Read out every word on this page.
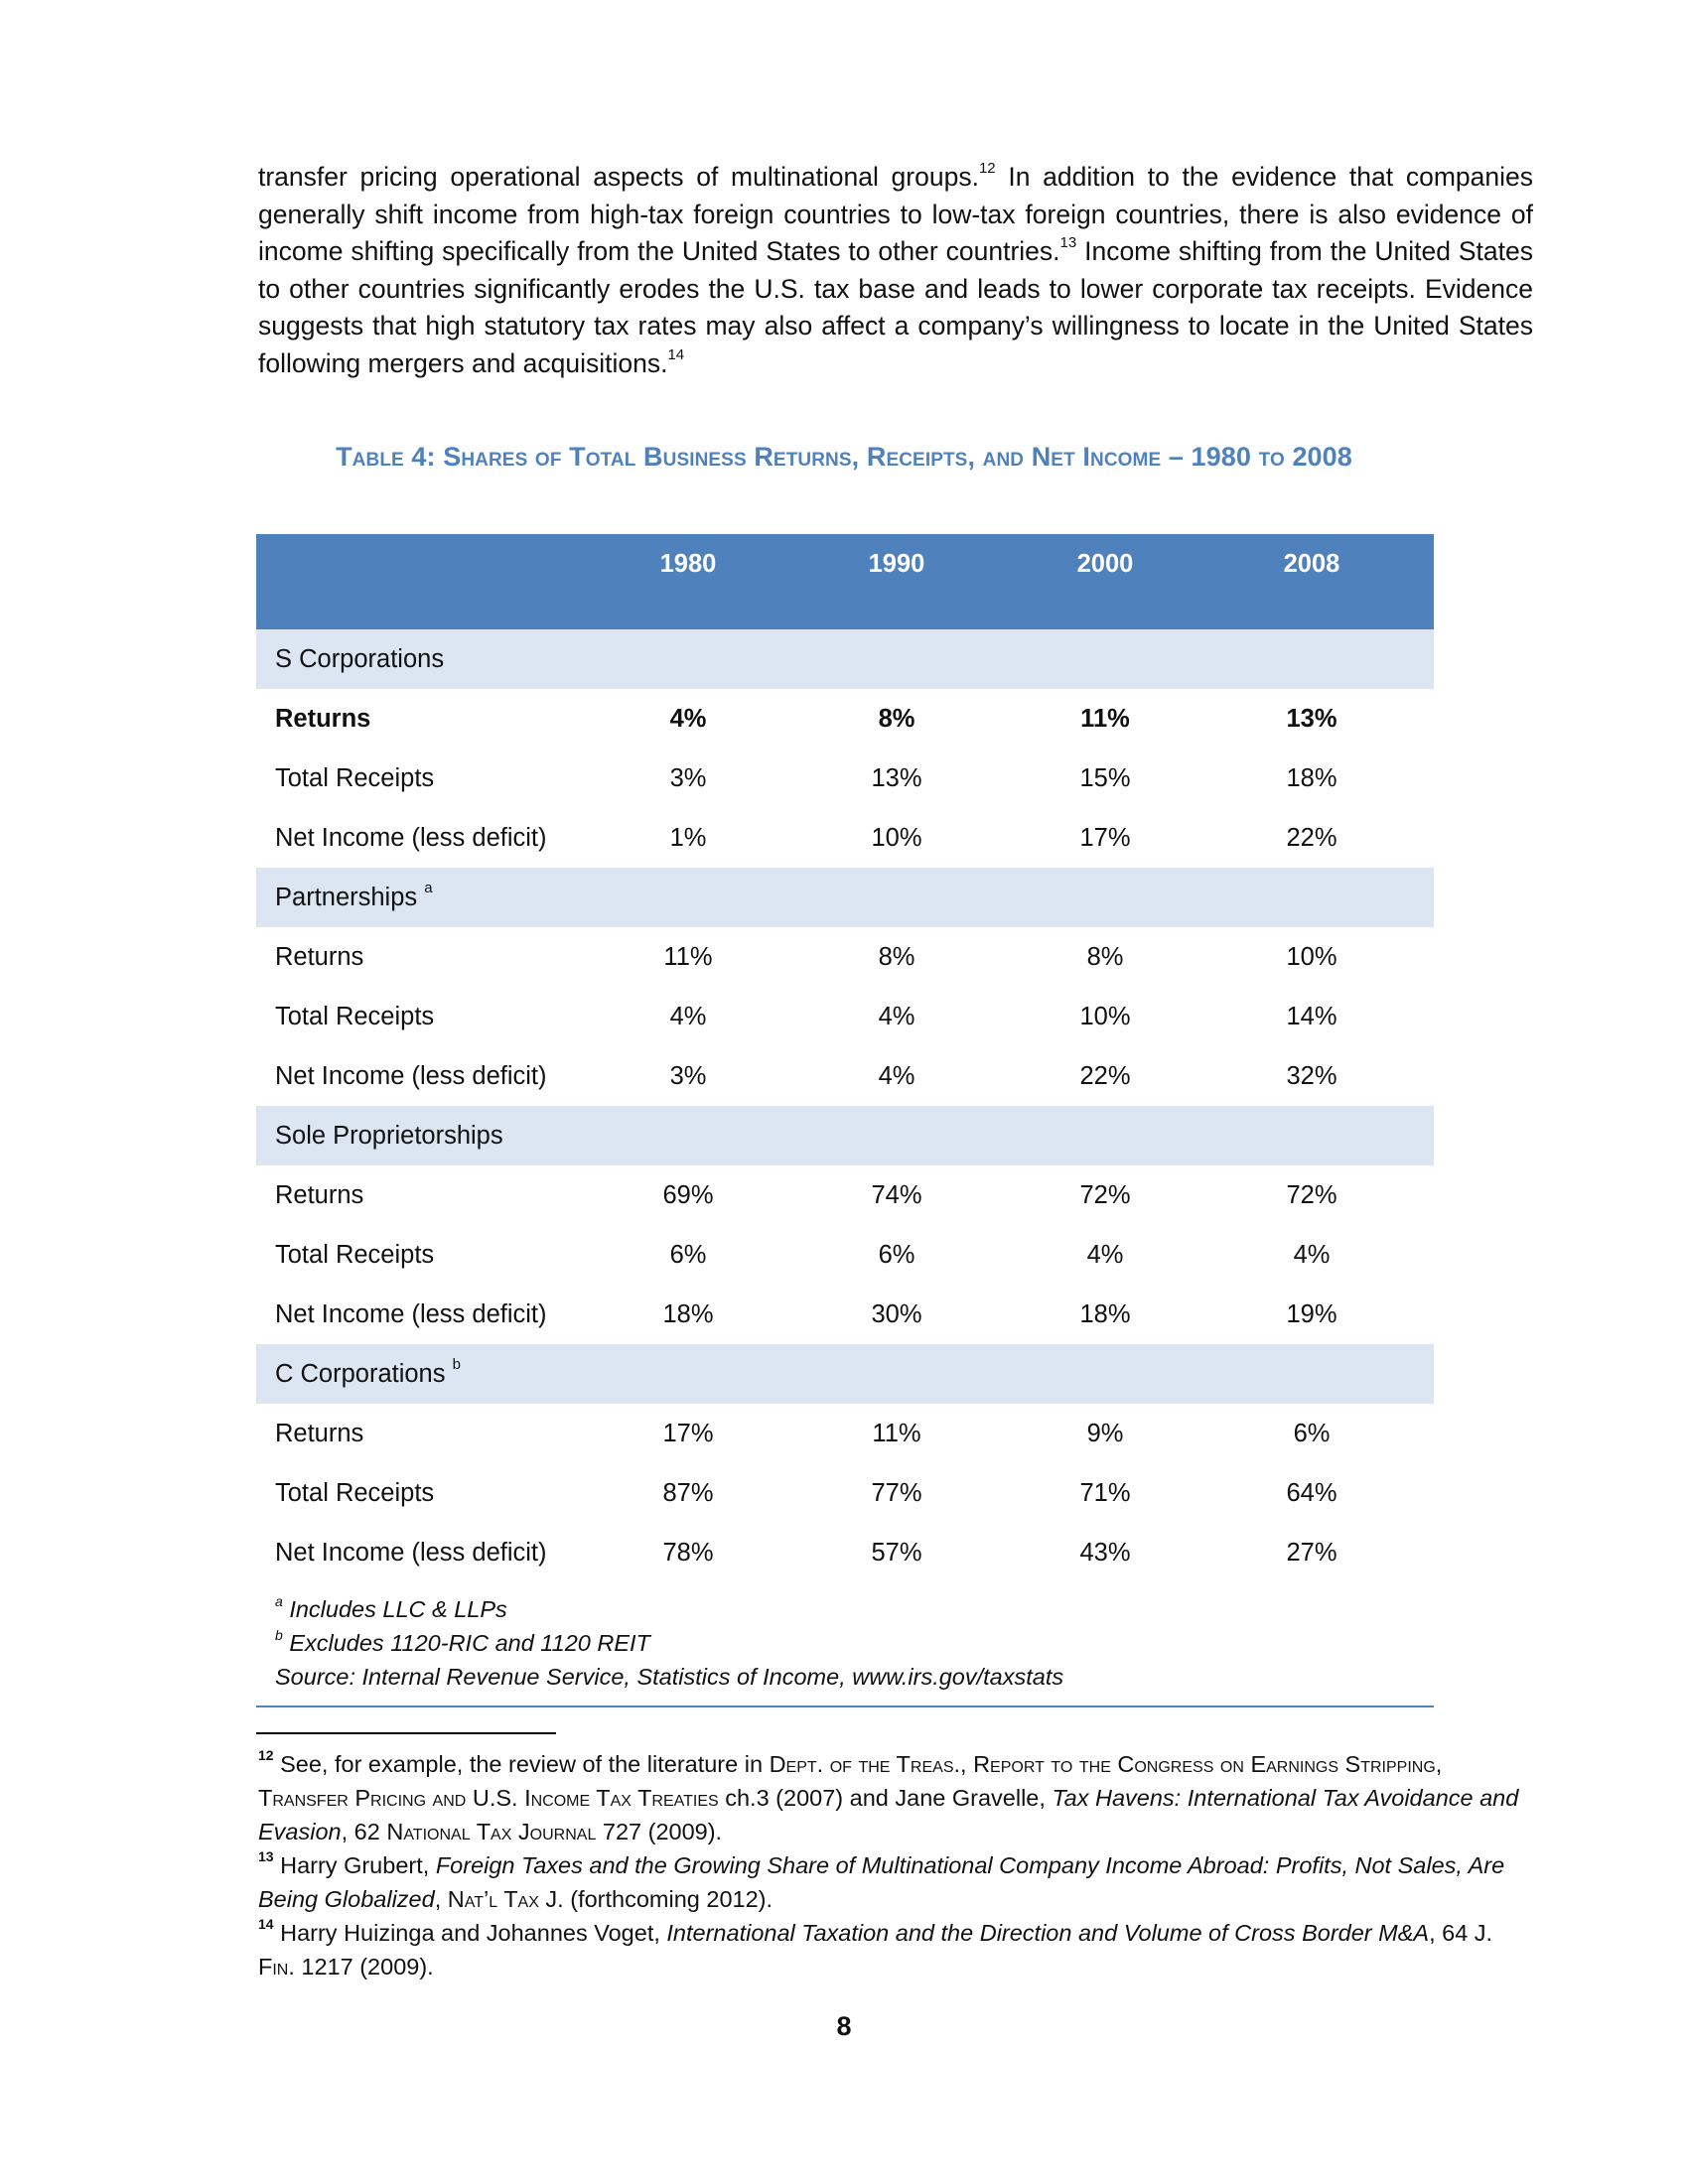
transfer pricing operational aspects of multinational groups.$^{12}$ In addition to the evidence that companies generally shift income from high-tax foreign countries to low-tax foreign countries, there is also evidence of income shifting specifically from the United States to other countries.$^{13}$ Income shifting from the United States to other countries significantly erodes the U.S. tax base and leads to lower corporate tax receipts. Evidence suggests that high statutory tax rates may also affect a company’s willingness to locate in the United States following mergers and acquisitions.$^{14}$

Table 4: Shares of Total Business Returns, Receipts, and Net Income – 1980 to 2008
1980	1990	2000	2008
S Corporations
Returns	4%	8%	11%	13%
Total Receipts	3%	13%	15%	18%
Net Income (less deficit)	1%	10%	17%	22%
Partnerships $^a$
Returns	11%	8%	8%	10%
Total Receipts	4%	4%	10%	14%
Net Income (less deficit)	3%	4%	22%	32%
Sole Proprietorships
Returns	69%	74%	72%	72%
Total Receipts	6%	6%	4%	4%
Net Income (less deficit)	18%	30%	18%	19%
C Corporations $^b$
Returns	17%	11%	9%	6%
Total Receipts	87%	77%	71%	64%
Net Income (less deficit)	78%	57%	43%	27%
$^a$ Includes LLC & LLPs
$^b$ Excludes 1120-RIC and 1120 REIT
Source: Internal Revenue Service, Statistics of Income, www.irs.gov/taxstats

$^{12}$ See, for example, the review of the literature in Dept. of the Treas., Report to the Congress on Earnings Stripping, Transfer Pricing and U.S. Income Tax Treaties ch.3 (2007) and Jane Gravelle, Tax Havens: International Tax Avoidance and Evasion, 62 National Tax Journal 727 (2009).

$^{13}$ Harry Grubert, Foreign Taxes and the Growing Share of Multinational Company Income Abroad: Profits, Not Sales, Are Being Globalized, Nat’l Tax J. (forthcoming 2012).

$^{14}$ Harry Huizinga and Johannes Voget, International Taxation and the Direction and Volume of Cross Border M&A, 64 J. Fin. 1217 (2009).

8
